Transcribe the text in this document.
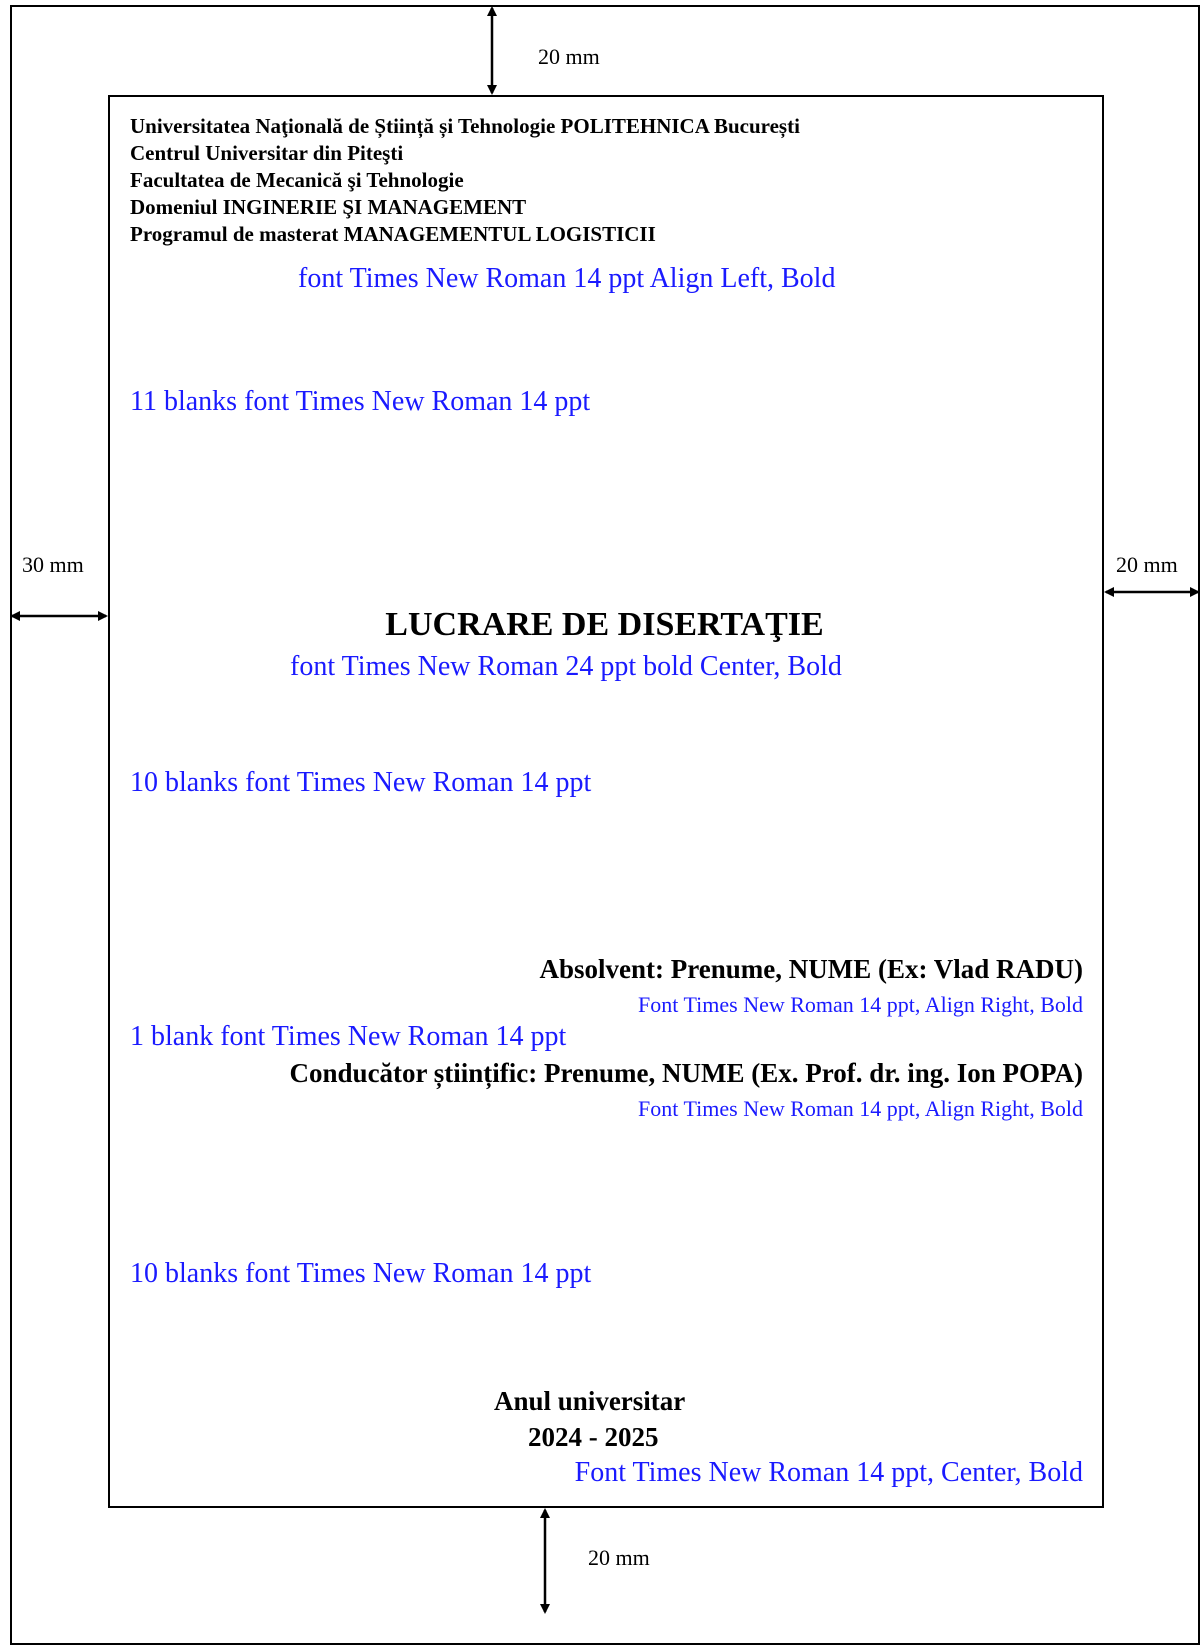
20 mm
30 mm	20 mm
20 mm
Universitatea Naţională de Știință și Tehnologie POLITEHNICA București
Centrul Universitar din Piteşti
Facultatea de Mecanică şi Tehnologie
Domeniul INGINERIE ŞI MANAGEMENT
Programul de masterat MANAGEMENTUL LOGISTICII
font Times New Roman 14 ppt Align Left, Bold
11 blanks font Times New Roman 14 ppt
LUCRARE DE DISERTAŢIE
font Times New Roman 24 ppt bold Center, Bold
10 blanks font Times New Roman 14 ppt
Absolvent: Prenume, NUME (Ex: Vlad RADU)
Font Times New Roman 14 ppt, Align Right, Bold
1 blank font Times New Roman 14 ppt
Conducător științific: Prenume, NUME (Ex. Prof. dr. ing. Ion POPA)
Font Times New Roman 14 ppt, Align Right, Bold
10 blanks font Times New Roman 14 ppt
Anul universitar
2024 - 2025
Font Times New Roman 14 ppt, Center, Bold
